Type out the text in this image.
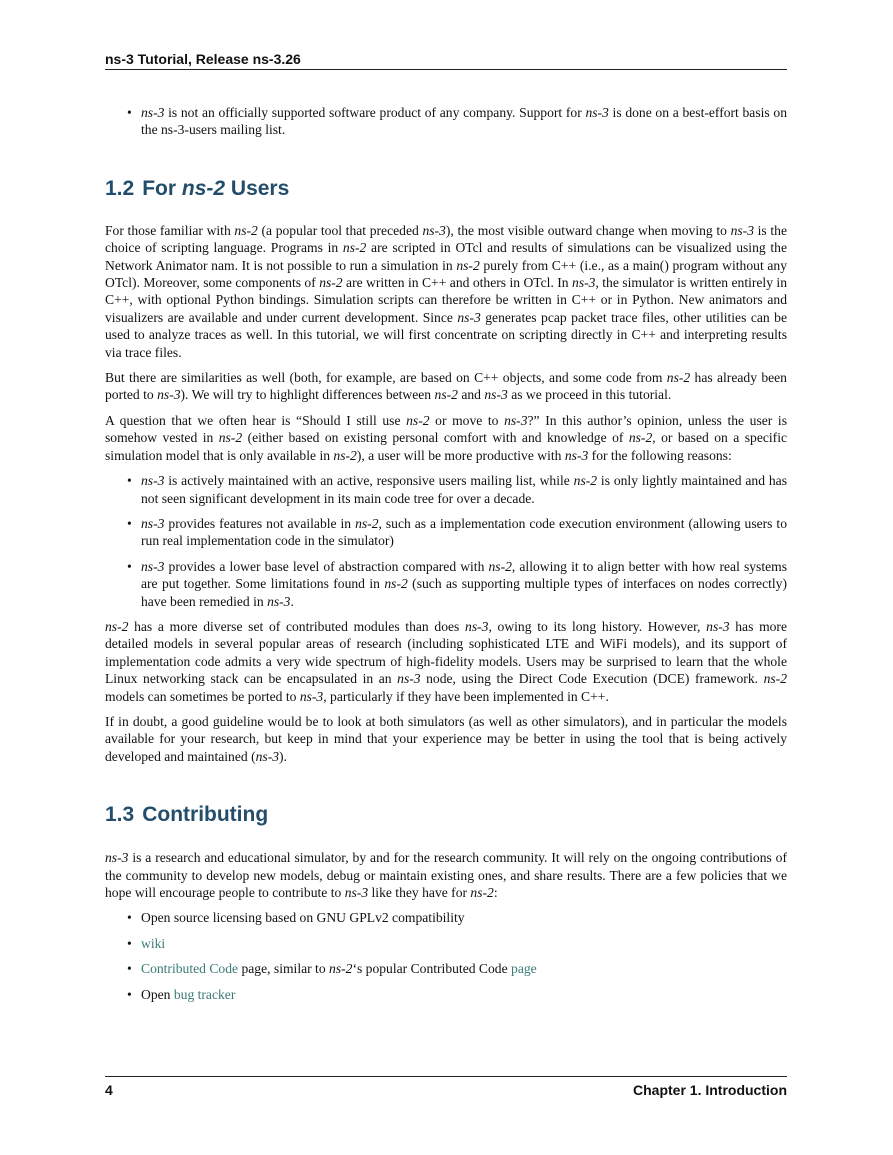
ns-3 Tutorial, Release ns-3.26
• ns-3 is not an officially supported software product of any company. Support for ns-3 is done on a best-effort basis on the ns-3-users mailing list.
1.2 For ns-2 Users

For those familiar with ns-2 (a popular tool that preceded ns-3), the most visible outward change when moving to ns-3 is the choice of scripting language. Programs in ns-2 are scripted in OTcl and results of simulations can be visualized using the Network Animator nam. It is not possible to run a simulation in ns-2 purely from C++ (i.e., as a main() program without any OTcl). Moreover, some components of ns-2 are written in C++ and others in OTcl. In ns-3, the simulator is written entirely in C++, with optional Python bindings. Simulation scripts can therefore be written in C++ or in Python. New animators and visualizers are available and under current development. Since ns-3 generates pcap packet trace files, other utilities can be used to analyze traces as well. In this tutorial, we will first concentrate on scripting directly in C++ and interpreting results via trace files.

But there are similarities as well (both, for example, are based on C++ objects, and some code from ns-2 has already been ported to ns-3). We will try to highlight differences between ns-2 and ns-3 as we proceed in this tutorial.

A question that we often hear is “Should I still use ns-2 or move to ns-3?” In this author’s opinion, unless the user is somehow vested in ns-2 (either based on existing personal comfort with and knowledge of ns-2, or based on a specific simulation model that is only available in ns-2), a user will be more productive with ns-3 for the following reasons:

• ns-3 is actively maintained with an active, responsive users mailing list, while ns-2 is only lightly maintained and has not seen significant development in its main code tree for over a decade.
• ns-3 provides features not available in ns-2, such as a implementation code execution environment (allowing users to run real implementation code in the simulator)
• ns-3 provides a lower base level of abstraction compared with ns-2, allowing it to align better with how real systems are put together. Some limitations found in ns-2 (such as supporting multiple types of interfaces on nodes correctly) have been remedied in ns-3.

ns-2 has a more diverse set of contributed modules than does ns-3, owing to its long history. However, ns-3 has more detailed models in several popular areas of research (including sophisticated LTE and WiFi models), and its support of implementation code admits a very wide spectrum of high-fidelity models. Users may be surprised to learn that the whole Linux networking stack can be encapsulated in an ns-3 node, using the Direct Code Execution (DCE) framework. ns-2 models can sometimes be ported to ns-3, particularly if they have been implemented in C++.

If in doubt, a good guideline would be to look at both simulators (as well as other simulators), and in particular the models available for your research, but keep in mind that your experience may be better in using the tool that is being actively developed and maintained (ns-3).

1.3 Contributing

ns-3 is a research and educational simulator, by and for the research community. It will rely on the ongoing contributions of the community to develop new models, debug or maintain existing ones, and share results. There are a few policies that we hope will encourage people to contribute to ns-3 like they have for ns-2:

• Open source licensing based on GNU GPLv2 compatibility
• wiki
• Contributed Code page, similar to ns-2‘s popular Contributed Code page
• Open bug tracker
4	Chapter 1. Introduction
